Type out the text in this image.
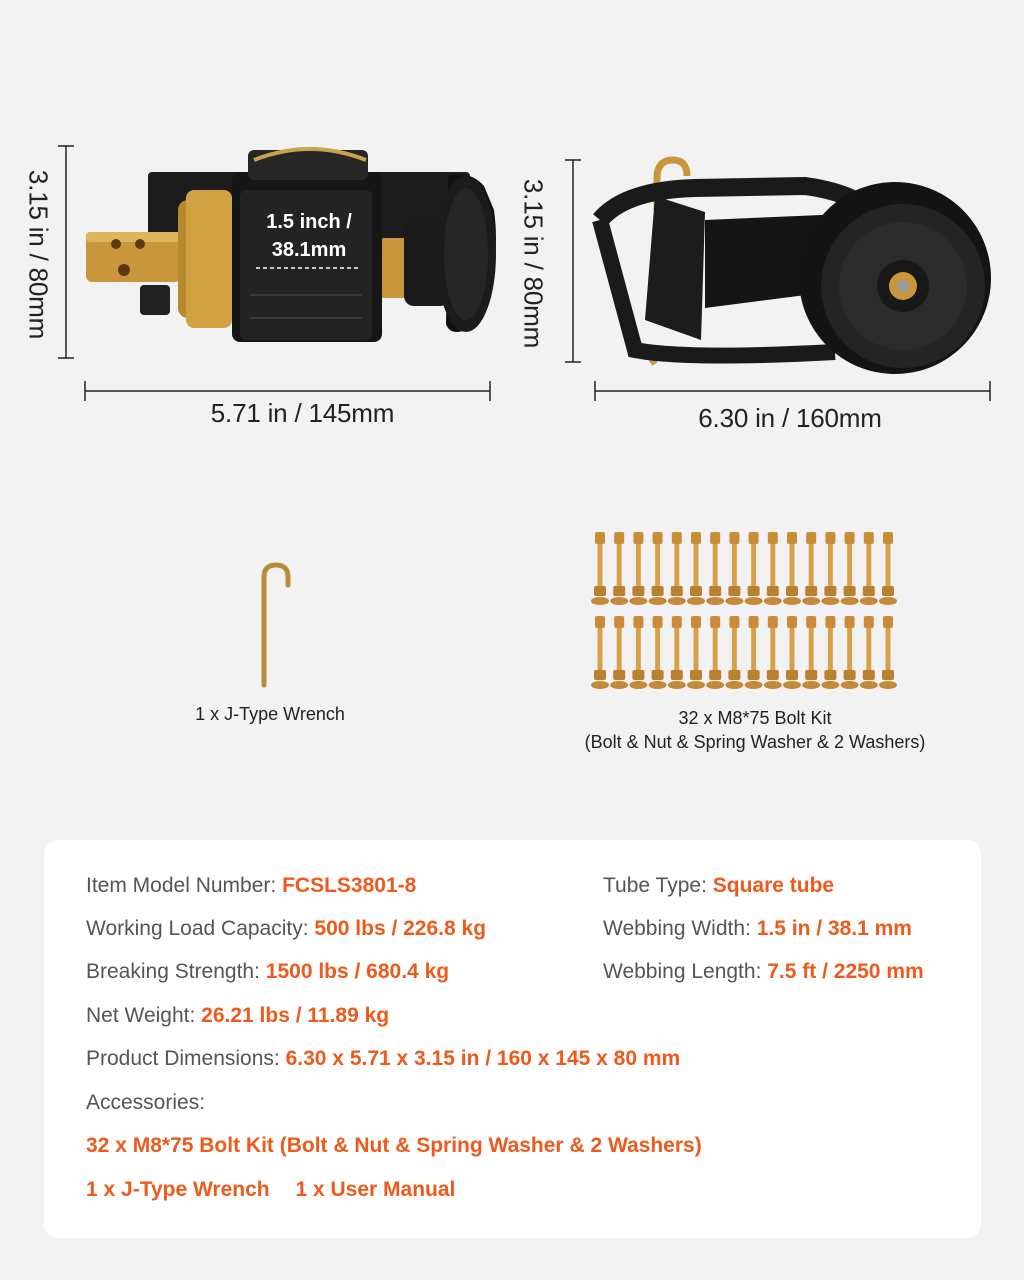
3.15 in / 80mm
5.71 in / 145mm
1.5 inch /
38.1mm	3.15 in / 80mm
6.30 in / 160mm
1 x J-Type Wrench	32 x M8*75 Bolt Kit
(Bolt & Nut & Spring Washer & 2 Washers)
Item Model Number: FCSLS3801-8	Tube Type: Square tube
Working Load Capacity: 500 lbs / 226.8 kg	Webbing Width: 1.5 in / 38.1 mm
Breaking Strength: 1500 lbs / 680.4 kg	Webbing Length: 7.5 ft / 2250 mm
Net Weight: 26.21 lbs / 11.89 kg
Product Dimensions: 6.30 x 5.71 x 3.15 in / 160 x 145 x 80 mm
Accessories:
32 x M8*75 Bolt Kit (Bolt & Nut & Spring Washer & 2 Washers)
1 x J-Type Wrench 1 x User Manual
